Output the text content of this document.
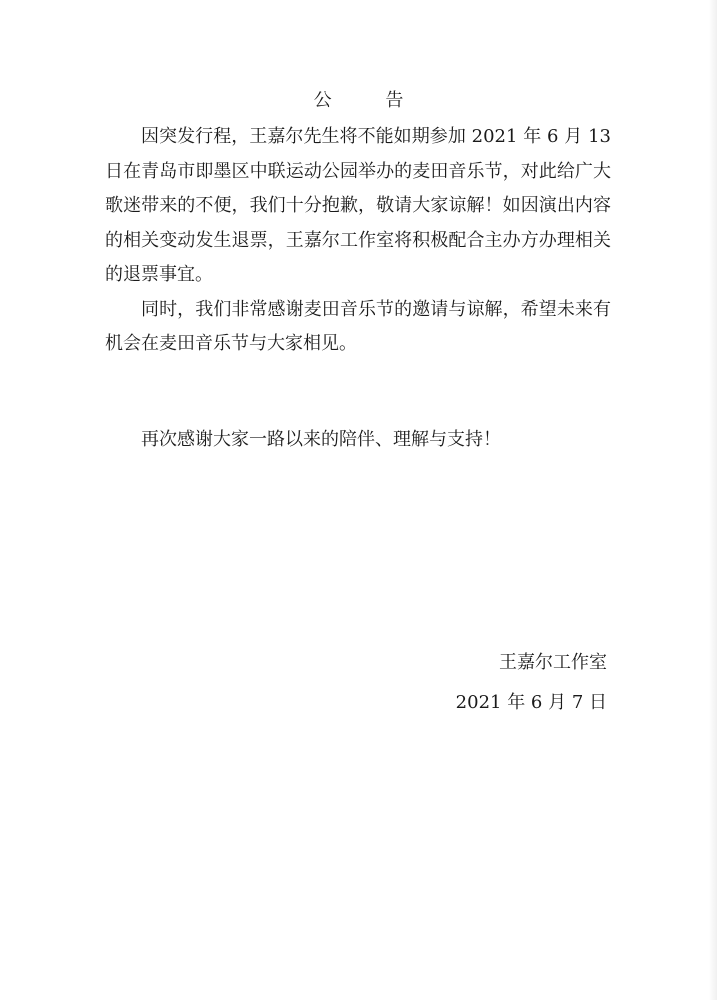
公 告

因突发行程，王嘉尔先生将不能如期参加 2021 年 6 月 13 日在青岛市即墨区中联运动公园举办的麦田音乐节，对此给广大歌迷带来的不便，我们十分抱歉，敬请大家谅解！如因演出内容的相关变动发生退票，王嘉尔工作室将积极配合主办方办理相关的退票事宜。

同时，我们非常感谢麦田音乐节的邀请与谅解，希望未来有机会在麦田音乐节与大家相见。

再次感谢大家一路以来的陪伴、理解与支持！
王嘉尔工作室
2021 年 6 月 7 日
